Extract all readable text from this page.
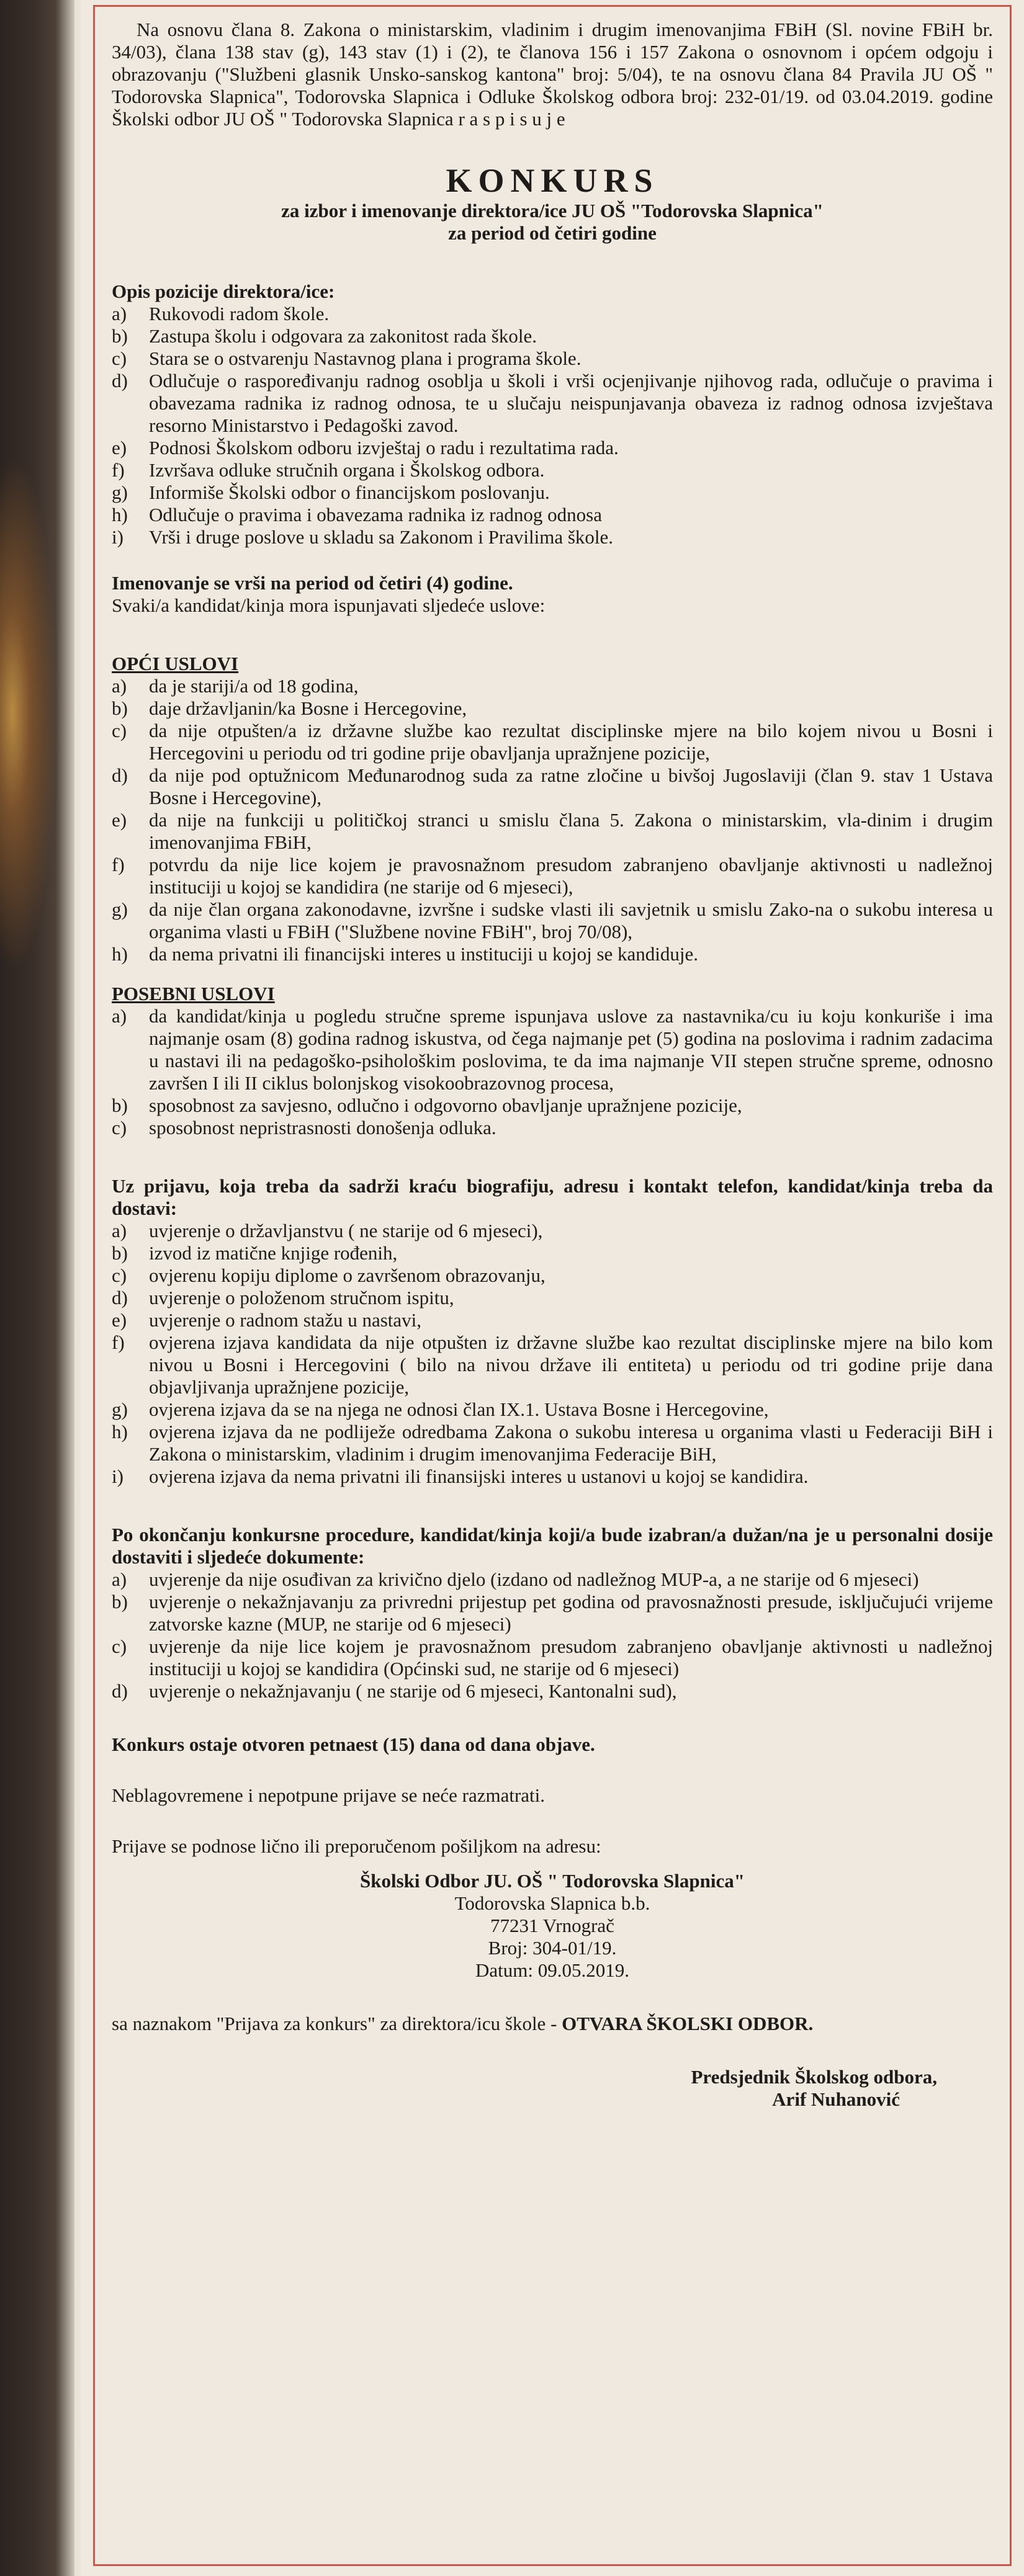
Na osnovu člana 8. Zakona o ministarskim, vladinim i drugim imenovanjima FBiH (Sl. novine FBiH br. 34/03), člana 138 stav (g), 143 stav (1) i (2), te članova 156 i 157 Zakona o osnovnom i općem odgoju i obrazovanju ("Službeni glasnik Unsko-sanskog kantona" broj: 5/04), te na osnovu člana 84 Pravila JU OŠ " Todorovska Slapnica", Todorovska Slapnica i Odluke Školskog odbora broj: 232-01/19. od 03.04.2019. godine Školski odbor JU OŠ " Todorovska Slapnica r a s p i s u j e

KONKURS

za izbor i imenovanje direktora/ice JU OŠ "Todorovska Slapnica"

za period od četiri godine

Opis pozicije direktora/ice:

a)	Rukovodi radom škole.
b)	Zastupa školu i odgovara za zakonitost rada škole.
c)	Stara se o ostvarenju Nastavnog plana i programa škole.
d)	Odlučuje o raspoređivanju radnog osoblja u školi i vrši ocjenjivanje njihovog rada, odlučuje o pravima i obavezama radnika iz radnog odnosa, te u slučaju neispunjavanja obaveza iz radnog odnosa izvještava resorno Ministarstvo i Pedagoški zavod.
e)	Podnosi Školskom odboru izvještaj o radu i rezultatima rada.
f)	Izvršava odluke stručnih organa i Školskog odbora.
g)	Informiše Školski odbor o financijskom poslovanju.
h)	Odlučuje o pravima i obavezama radnika iz radnog odnosa
i)	Vrši i druge poslove u skladu sa Zakonom i Pravilima škole.

Imenovanje se vrši na period od četiri (4) godine.

Svaki/a kandidat/kinja mora ispunjavati sljedeće uslove:

OPĆI USLOVI

a)	da je stariji/a od 18 godina,
b)	daje državljanin/ka Bosne i Hercegovine,
c)	da nije otpušten/a iz državne službe kao rezultat disciplinske mjere na bilo kojem nivou u Bosni i Hercegovini u periodu od tri godine prije obavljanja upražnjene pozicije,
d)	da nije pod optužnicom Međunarodnog suda za ratne zločine u bivšoj Jugoslaviji (član 9. stav 1 Ustava Bosne i Hercegovine),
e)	da nije na funkciji u političkoj stranci u smislu člana 5. Zakona o ministarskim, vla-dinim i drugim imenovanjima FBiH,
f)	potvrdu da nije lice kojem je pravosnažnom presudom zabranjeno obavljanje aktivnosti u nadležnoj instituciji u kojoj se kandidira (ne starije od 6 mjeseci),
g)	da nije član organa zakonodavne, izvršne i sudske vlasti ili savjetnik u smislu Zako-na o sukobu interesa u organima vlasti u FBiH ("Službene novine FBiH", broj 70/08),
h)	da nema privatni ili financijski interes u instituciji u kojoj se kandiduje.

POSEBNI USLOVI

a)	da kandidat/kinja u pogledu stručne spreme ispunjava uslove za nastavnika/cu iu koju konkuriše i ima najmanje osam (8) godina radnog iskustva, od čega najmanje pet (5) godina na poslovima i radnim zadacima u nastavi ili na pedagoško-psihološkim poslovima, te da ima najmanje VII stepen stručne spreme, odnosno završen I ili II ciklus bolonjskog visokoobrazovnog procesa,
b)	sposobnost za savjesno, odlučno i odgovorno obavljanje upražnjene pozicije,
c)	sposobnost nepristrasnosti donošenja odluka.

Uz prijavu, koja treba da sadrži kraću biografiju, adresu i kontakt telefon, kandidat/kinja treba da dostavi:

a)	uvjerenje o državljanstvu ( ne starije od 6 mjeseci),
b)	izvod iz matične knjige rođenih,
c)	ovjerenu kopiju diplome o završenom obrazovanju,
d)	uvjerenje o položenom stručnom ispitu,
e)	uvjerenje o radnom stažu u nastavi,
f)	ovjerena izjava kandidata da nije otpušten iz državne službe kao rezultat disciplinske mjere na bilo kom nivou u Bosni i Hercegovini ( bilo na nivou države ili entiteta) u periodu od tri godine prije dana objavljivanja upražnjene pozicije,
g)	ovjerena izjava da se na njega ne odnosi član IX.1. Ustava Bosne i Hercegovine,
h)	ovjerena izjava da ne podliježe odredbama Zakona o sukobu interesa u organima vlasti u Federaciji BiH i Zakona o ministarskim, vladinim i drugim imenovanjima Federacije BiH,
i)	ovjerena izjava da nema privatni ili finansijski interes u ustanovi u kojoj se kandidira.

Po okončanju konkursne procedure, kandidat/kinja koji/a bude izabran/a dužan/na je u personalni dosije dostaviti i sljedeće dokumente:

a)	uvjerenje da nije osuđivan za krivično djelo (izdano od nadležnog MUP-a, a ne starije od 6 mjeseci)
b)	uvjerenje o nekažnjavanju za privredni prijestup pet godina od pravosnažnosti presude, isključujući vrijeme zatvorske kazne (MUP, ne starije od 6 mjeseci)
c)	uvjerenje da nije lice kojem je pravosnažnom presudom zabranjeno obavljanje aktivnosti u nadležnoj instituciji u kojoj se kandidira (Općinski sud, ne starije od 6 mjeseci)
d)	uvjerenje o nekažnjavanju ( ne starije od 6 mjeseci, Kantonalni sud),

Konkurs ostaje otvoren petnaest (15) dana od dana objave.

Neblagovremene i nepotpune prijave se neće razmatrati.

Prijave se podnose lično ili preporučenom pošiljkom na adresu:

Školski Odbor JU. OŠ " Todorovska Slapnica"

Todorovska Slapnica b.b.

77231 Vrnograč

Broj: 304-01/19.

Datum: 09.05.2019.

sa naznakom "Prijava za konkurs" za direktora/icu škole - OTVARA ŠKOLSKI ODBOR.

Predsjednik Školskog odbora,

Arif Nuhanović
